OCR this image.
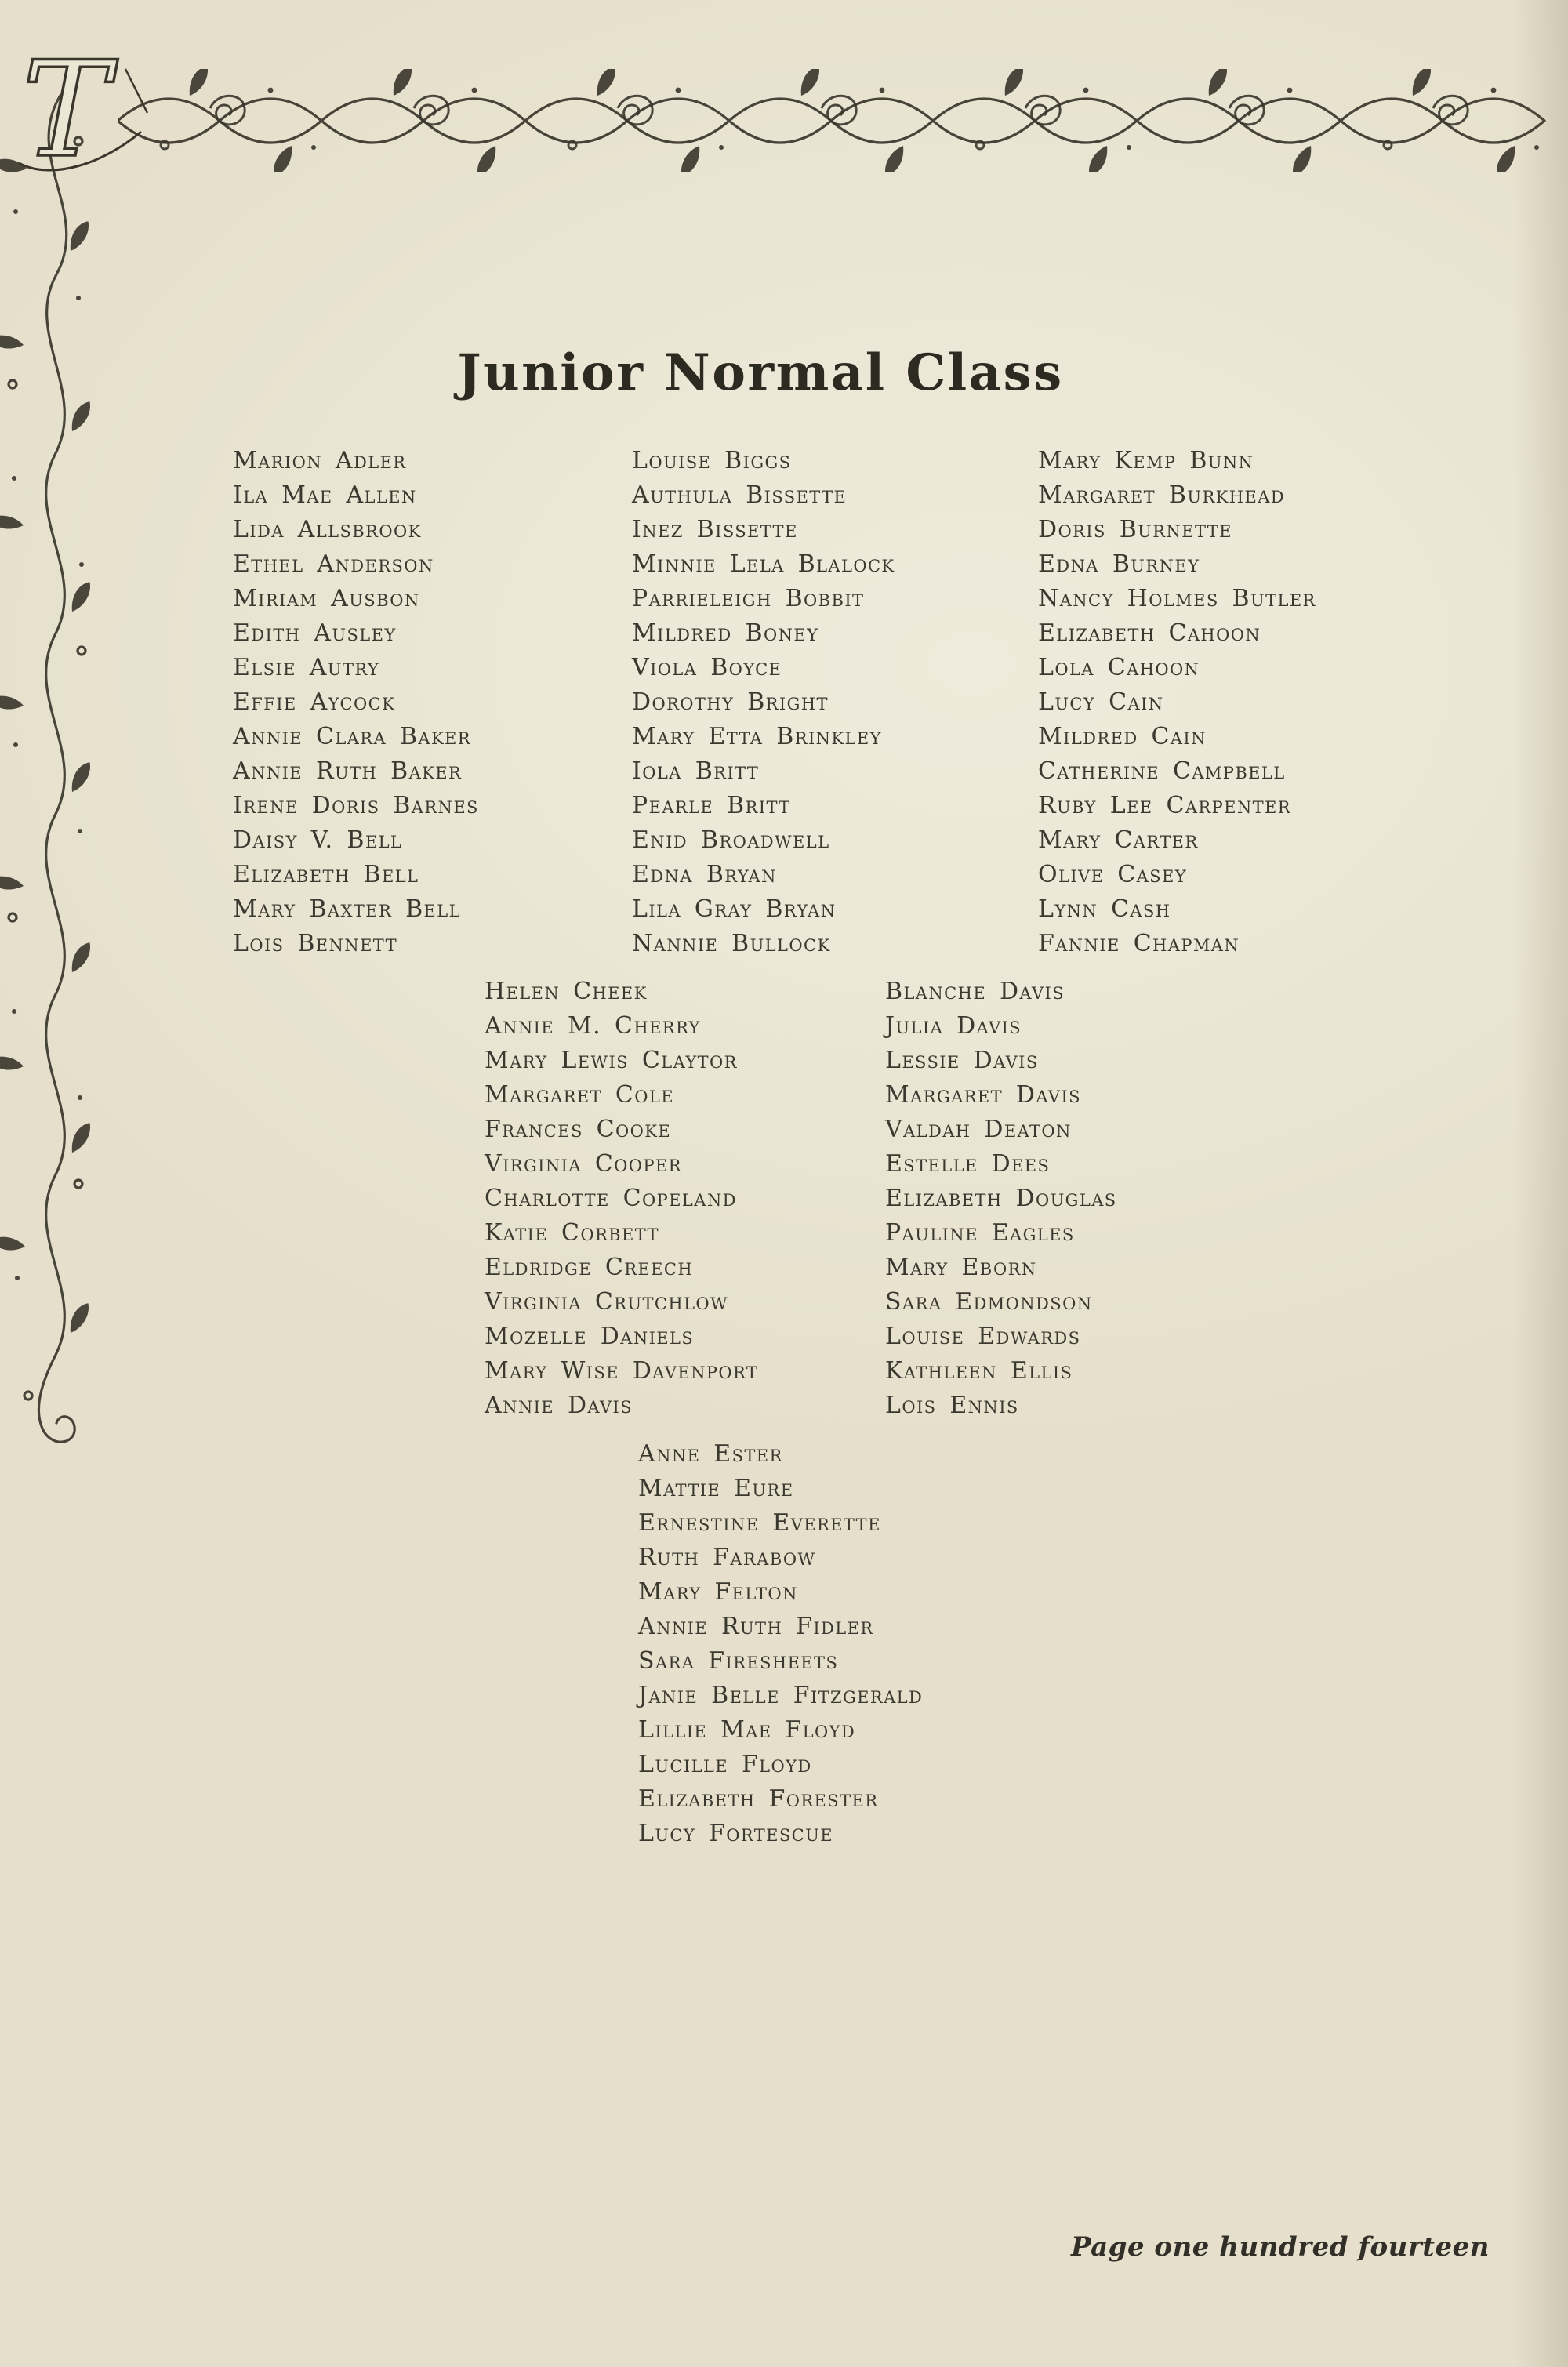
T
Junior Normal Class
Marion Adler
Ila Mae Allen
Lida Allsbrook
Ethel Anderson
Miriam Ausbon
Edith Ausley
Elsie Autry
Effie Aycock
Annie Clara Baker
Annie Ruth Baker
Irene Doris Barnes
Daisy V. Bell
Elizabeth Bell
Mary Baxter Bell
Lois Bennett
Louise Biggs
Authula Bissette
Inez Bissette
Minnie Lela Blalock
Parrieleigh Bobbit
Mildred Boney
Viola Boyce
Dorothy Bright
Mary Etta Brinkley
Iola Britt
Pearle Britt
Enid Broadwell
Edna Bryan
Lila Gray Bryan
Nannie Bullock
Mary Kemp Bunn
Margaret Burkhead
Doris Burnette
Edna Burney
Nancy Holmes Butler
Elizabeth Cahoon
Lola Cahoon
Lucy Cain
Mildred Cain
Catherine Campbell
Ruby Lee Carpenter
Mary Carter
Olive Casey
Lynn Cash
Fannie Chapman
Helen Cheek
Annie M. Cherry
Mary Lewis Claytor
Margaret Cole
Frances Cooke
Virginia Cooper
Charlotte Copeland
Katie Corbett
Eldridge Creech
Virginia Crutchlow
Mozelle Daniels
Mary Wise Davenport
Annie Davis
Blanche Davis
Julia Davis
Lessie Davis
Margaret Davis
Valdah Deaton
Estelle Dees
Elizabeth Douglas
Pauline Eagles
Mary Eborn
Sara Edmondson
Louise Edwards
Kathleen Ellis
Lois Ennis
Anne Ester
Mattie Eure
Ernestine Everette
Ruth Farabow
Mary Felton
Annie Ruth Fidler
Sara Firesheets
Janie Belle Fitzgerald
Lillie Mae Floyd
Lucille Floyd
Elizabeth Forester
Lucy Fortescue
Page one hundred fourteen
